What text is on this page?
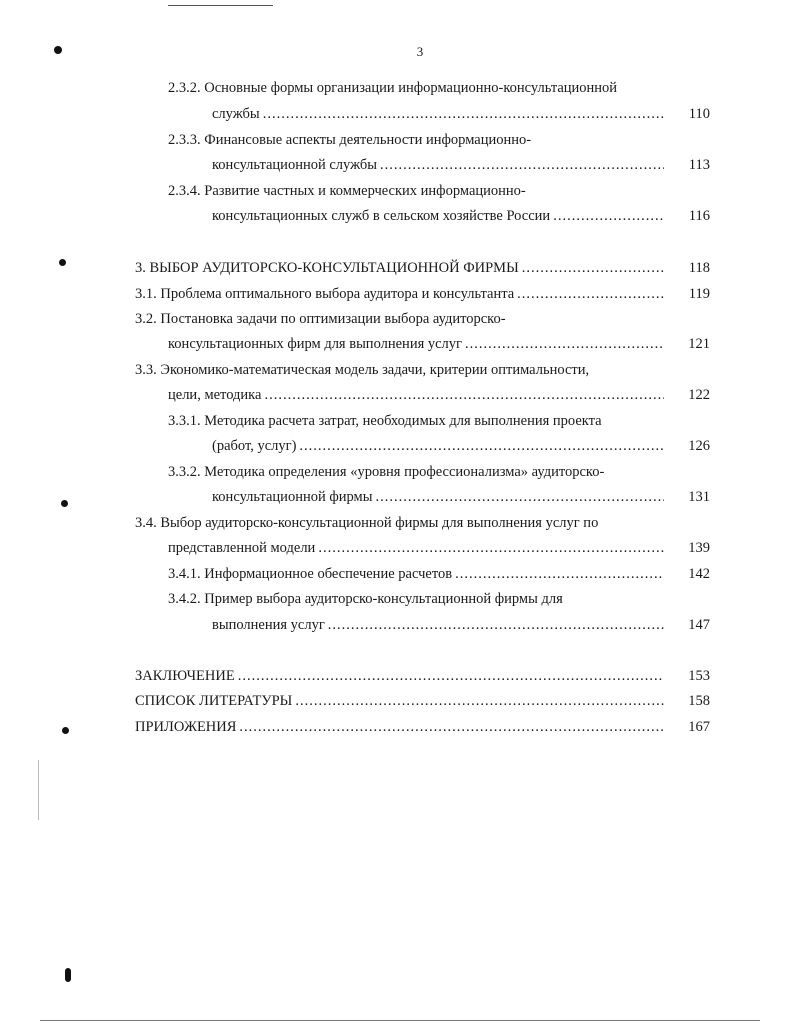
3
2.3.2. Основные формы организации информационно-консультационной
службы .....	110
2.3.3. Финансовые аспекты деятельности информационно-
консультационной службы .....	113
2.3.4. Развитие частных и коммерческих информационно-
консультационных служб в сельском хозяйстве России .....	116
3. ВЫБОР АУДИТОРСКО-КОНСУЛЬТАЦИОННОЙ ФИРМЫ .....	118
3.1. Проблема оптимального выбора аудитора и консультанта .....	119
3.2. Постановка задачи по оптимизации выбора аудиторско-
консультационных фирм для выполнения услуг .....	121
3.3. Экономико-математическая модель задачи, критерии оптимальности,
цели, методика .....	122
3.3.1. Методика расчета затрат, необходимых для выполнения проекта
(работ, услуг) .....	126
3.3.2. Методика определения «уровня профессионализма» аудиторско-
консультационной фирмы .....	131
3.4. Выбор аудиторско-консультационной фирмы для выполнения услуг по
представленной модели .....	139
3.4.1. Информационное обеспечение расчетов .....	142
3.4.2. Пример выбора аудиторско-консультационной фирмы для
выполнения услуг .....	147
ЗАКЛЮЧЕНИЕ .....	153
СПИСОК ЛИТЕРАТУРЫ .....	158
ПРИЛОЖЕНИЯ .....	167
